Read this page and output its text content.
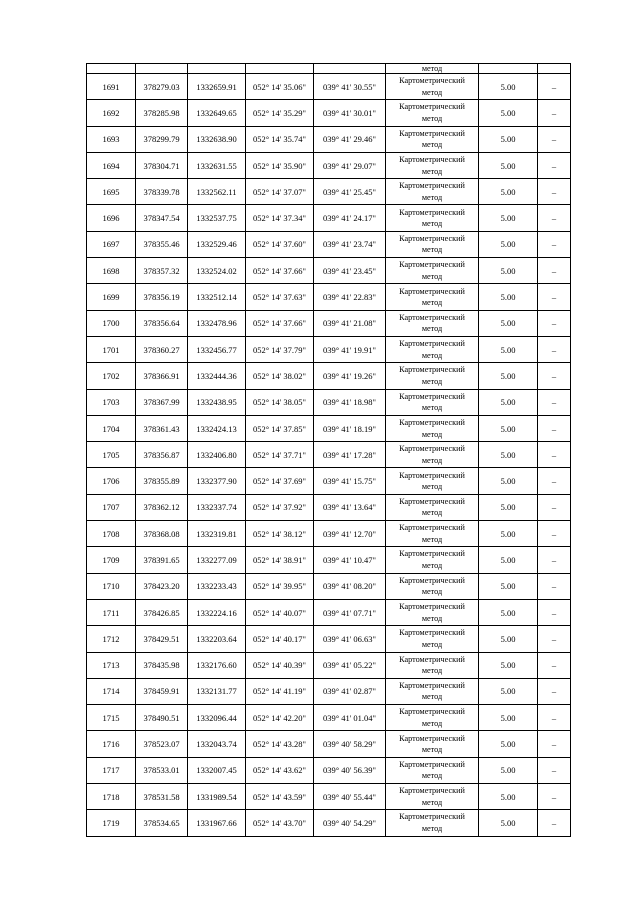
					метод		

1691	378279.03	1332659.91	052° 14' 35.06"	039° 41' 30.55"	Картометрический
метод	5.00	–
1692	378285.98	1332649.65	052° 14' 35.29"	039° 41' 30.01"	Картометрический
метод	5.00	–
1693	378299.79	1332638.90	052° 14' 35.74"	039° 41' 29.46"	Картометрический
метод	5.00	–
1694	378304.71	1332631.55	052° 14' 35.90"	039° 41' 29.07"	Картометрический
метод	5.00	–
1695	378339.78	1332562.11	052° 14' 37.07"	039° 41' 25.45"	Картометрический
метод	5.00	–
1696	378347.54	1332537.75	052° 14' 37.34"	039° 41' 24.17"	Картометрический
метод	5.00	–
1697	378355.46	1332529.46	052° 14' 37.60"	039° 41' 23.74"	Картометрический
метод	5.00	–
1698	378357.32	1332524.02	052° 14' 37.66"	039° 41' 23.45"	Картометрический
метод	5.00	–
1699	378356.19	1332512.14	052° 14' 37.63"	039° 41' 22.83"	Картометрический
метод	5.00	–
1700	378356.64	1332478.96	052° 14' 37.66"	039° 41' 21.08"	Картометрический
метод	5.00	–
1701	378360.27	1332456.77	052° 14' 37.79"	039° 41' 19.91"	Картометрический
метод	5.00	–
1702	378366.91	1332444.36	052° 14' 38.02"	039° 41' 19.26"	Картометрический
метод	5.00	–
1703	378367.99	1332438.95	052° 14' 38.05"	039° 41' 18.98"	Картометрический
метод	5.00	–
1704	378361.43	1332424.13	052° 14' 37.85"	039° 41' 18.19"	Картометрический
метод	5.00	–
1705	378356.87	1332406.80	052° 14' 37.71"	039° 41' 17.28"	Картометрический
метод	5.00	–
1706	378355.89	1332377.90	052° 14' 37.69"	039° 41' 15.75"	Картометрический
метод	5.00	–
1707	378362.12	1332337.74	052° 14' 37.92"	039° 41' 13.64"	Картометрический
метод	5.00	–
1708	378368.08	1332319.81	052° 14' 38.12"	039° 41' 12.70"	Картометрический
метод	5.00	–
1709	378391.65	1332277.09	052° 14' 38.91"	039° 41' 10.47"	Картометрический
метод	5.00	–
1710	378423.20	1332233.43	052° 14' 39.95"	039° 41' 08.20"	Картометрический
метод	5.00	–
1711	378426.85	1332224.16	052° 14' 40.07"	039° 41' 07.71"	Картометрический
метод	5.00	–
1712	378429.51	1332203.64	052° 14' 40.17"	039° 41' 06.63"	Картометрический
метод	5.00	–
1713	378435.98	1332176.60	052° 14' 40.39"	039° 41' 05.22"	Картометрический
метод	5.00	–
1714	378459.91	1332131.77	052° 14' 41.19"	039° 41' 02.87"	Картометрический
метод	5.00	–
1715	378490.51	1332096.44	052° 14' 42.20"	039° 41' 01.04"	Картометрический
метод	5.00	–
1716	378523.07	1332043.74	052° 14' 43.28"	039° 40' 58.29"	Картометрический
метод	5.00	–
1717	378533.01	1332007.45	052° 14' 43.62"	039° 40' 56.39"	Картометрический
метод	5.00	–
1718	378531.58	1331989.54	052° 14' 43.59"	039° 40' 55.44"	Картометрический
метод	5.00	–
1719	378534.65	1331967.66	052° 14' 43.70"	039° 40' 54.29"	Картометрический
метод	5.00	–
